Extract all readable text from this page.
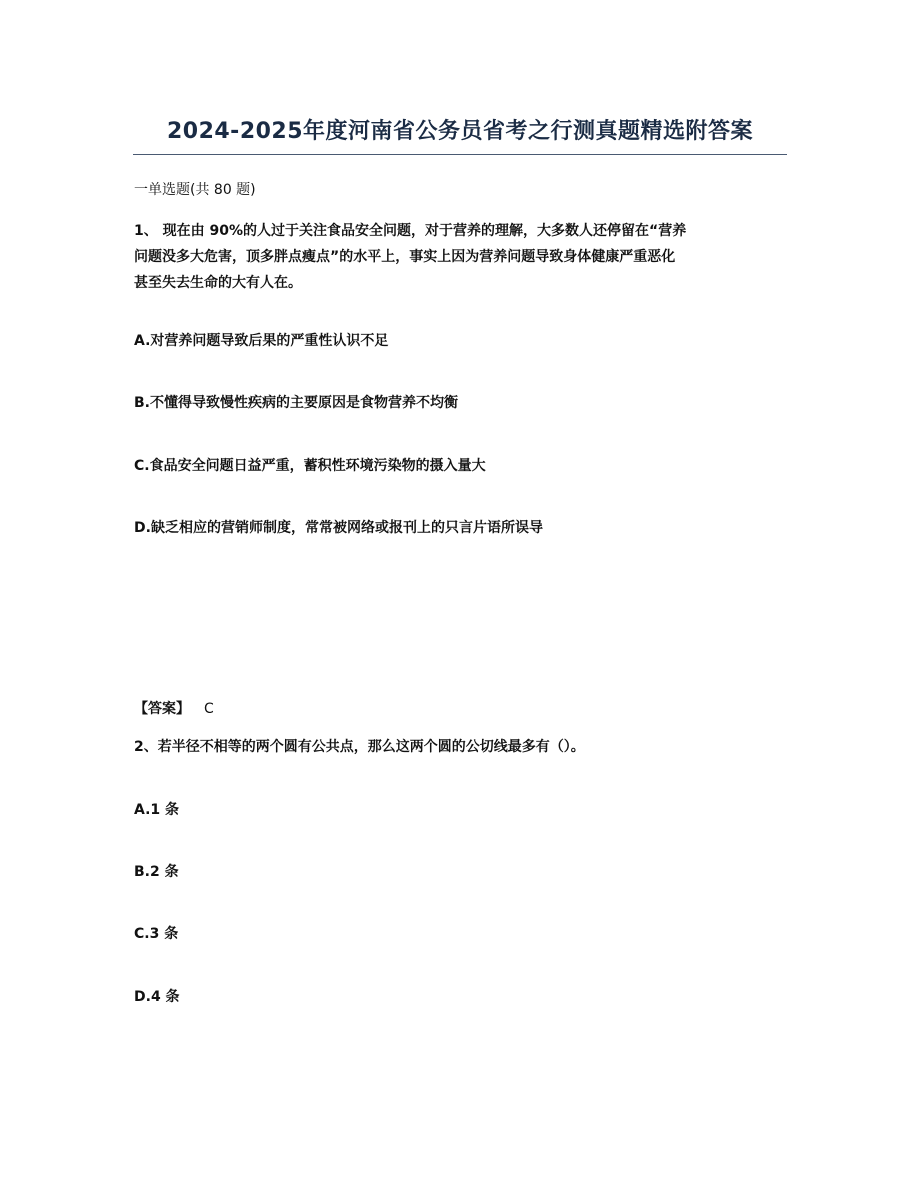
2024-2025年度河南省公务员省考之行测真题精选附答案
一单选题(共 80 题)
1、 现在由 90%的人过于关注食品安全问题，对于营养的理解，大多数人还停留在“营养
问题没多大危害，顶多胖点瘦点”的水平上，事实上因为营养问题导致身体健康严重恶化
甚至失去生命的大有人在。
A.对营养问题导致后果的严重性认识不足
B.不懂得导致慢性疾病的主要原因是食物营养不均衡
C.食品安全问题日益严重，蓄积性环境污染物的摄入量大
D.缺乏相应的营销师制度，常常被网络或报刊上的只言片语所误导
【答案】 C
2、若半径不相等的两个圆有公共点，那么这两个圆的公切线最多有（）。
A.1 条
B.2 条
C.3 条
D.4 条
